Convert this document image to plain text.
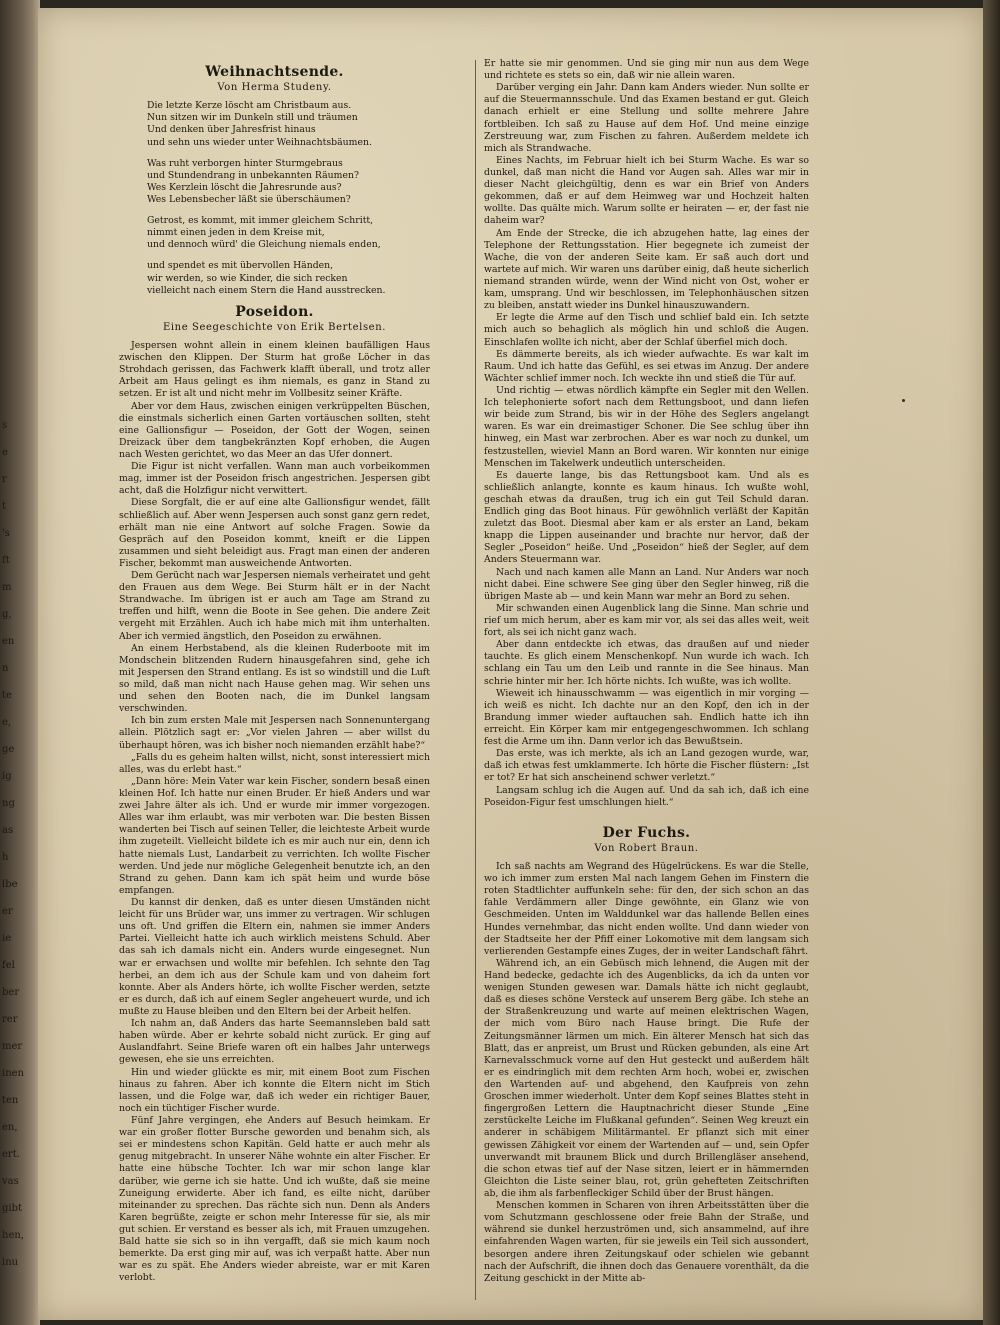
s
e
r
t
's
ft
m
g,
en
n
te
e,
ge
ig
ng
as
h
lbe
er
ie
fel
ber
rer
mer
inen
ten
en,
ert.
vas
gibt
hen,
inu
Weihnachtsende.
Von Herma Studeny.
Die letzte Kerze löscht am Christbaum aus.
Nun sitzen wir im Dunkeln still und träumen
Und denken über Jahresfrist hinaus
und sehn uns wieder unter Weihnachtsbäumen.
Was ruht verborgen hinter Sturmgebraus
und Stundendrang in unbekannten Räumen?
Wes Kerzlein löscht die Jahresrunde aus?
Wes Lebensbecher läßt sie überschäumen?
Getrost, es kommt, mit immer gleichem Schritt,
nimmt einen jeden in dem Kreise mit,
und dennoch würd' die Gleichung niemals enden,
und spendet es mit übervollen Händen,
wir werden, so wie Kinder, die sich recken
vielleicht nach einem Stern die Hand ausstrecken.
Poseidon.
Eine Seegeschichte von Erik Bertelsen.

Jespersen wohnt allein in einem kleinen baufälligen Haus zwischen den Klippen. Der Sturm hat große Löcher in das Strohdach gerissen, das Fachwerk klafft überall, und trotz aller Arbeit am Haus gelingt es ihm niemals, es ganz in Stand zu setzen. Er ist alt und nicht mehr im Vollbesitz seiner Kräfte.

Aber vor dem Haus, zwischen einigen verkrüppelten Büschen, die einstmals sicherlich einen Garten vortäuschen sollten, steht eine Gallionsfigur — Poseidon, der Gott der Wogen, seinen Dreizack über dem tangbekränzten Kopf erhoben, die Augen nach Westen gerichtet, wo das Meer an das Ufer donnert.

Die Figur ist nicht verfallen. Wann man auch vorbeikommen mag, immer ist der Poseidon frisch angestrichen. Jespersen gibt acht, daß die Holzfigur nicht verwittert.

Diese Sorgfalt, die er auf eine alte Gallionsfigur wendet, fällt schließlich auf. Aber wenn Jespersen auch sonst ganz gern redet, erhält man nie eine Antwort auf solche Fragen. Sowie da Gespräch auf den Poseidon kommt, kneift er die Lippen zusammen und sieht beleidigt aus. Fragt man einen der anderen Fischer, bekommt man ausweichende Antworten.

Dem Gerücht nach war Jespersen niemals verheiratet und geht den Frauen aus dem Wege. Bei Sturm hält er in der Nacht Strandwache. Im übrigen ist er auch am Tage am Strand zu treffen und hilft, wenn die Boote in See gehen. Die andere Zeit vergeht mit Erzählen. Auch ich habe mich mit ihm unterhalten. Aber ich vermied ängstlich, den Poseidon zu erwähnen.

An einem Herbstabend, als die kleinen Ruderboote mit im Mondschein blitzenden Rudern hinausgefahren sind, gehe ich mit Jespersen den Strand entlang. Es ist so windstill und die Luft so mild, daß man nicht nach Hause gehen mag. Wir sehen uns und sehen den Booten nach, die im Dunkel langsam verschwinden.

Ich bin zum ersten Male mit Jespersen nach Sonnenuntergang allein. Plötzlich sagt er: „Vor vielen Jahren — aber willst du überhaupt hören, was ich bisher noch niemanden erzählt habe?“

„Falls du es geheim halten willst, nicht, sonst interessiert mich alles, was du erlebt hast.“

„Dann höre: Mein Vater war kein Fischer, sondern besaß einen kleinen Hof. Ich hatte nur einen Bruder. Er hieß Anders und war zwei Jahre älter als ich. Und er wurde mir immer vorgezogen. Alles war ihm erlaubt, was mir verboten war. Die besten Bissen wanderten bei Tisch auf seinen Teller, die leichteste Arbeit wurde ihm zugeteilt. Vielleicht bildete ich es mir auch nur ein, denn ich hatte niemals Lust, Landarbeit zu verrichten. Ich wollte Fischer werden. Und jede nur mögliche Gelegenheit benutzte ich, an den Strand zu gehen. Dann kam ich spät heim und wurde böse empfangen.

Du kannst dir denken, daß es unter diesen Umständen nicht leicht für uns Brüder war, uns immer zu vertragen. Wir schlugen uns oft. Und griffen die Eltern ein, nahmen sie immer Anders Partei. Vielleicht hatte ich auch wirklich meistens Schuld. Aber das sah ich damals nicht ein. Anders wurde eingesegnet. Nun war er erwachsen und wollte mir befehlen. Ich sehnte den Tag herbei, an dem ich aus der Schule kam und von daheim fort konnte. Aber als Anders hörte, ich wollte Fischer werden, setzte er es durch, daß ich auf einem Segler angeheuert wurde, und ich mußte zu Hause bleiben und den Eltern bei der Arbeit helfen.

Ich nahm an, daß Anders das harte Seemannsleben bald satt haben würde. Aber er kehrte sobald nicht zurück. Er ging auf Auslandfahrt. Seine Briefe waren oft ein halbes Jahr unterwegs gewesen, ehe sie uns erreichten.

Hin und wieder glückte es mir, mit einem Boot zum Fischen hinaus zu fahren. Aber ich konnte die Eltern nicht im Stich lassen, und die Folge war, daß ich weder ein richtiger Bauer, noch ein tüchtiger Fischer wurde.

Fünf Jahre vergingen, ehe Anders auf Besuch heimkam. Er war ein großer flotter Bursche geworden und benahm sich, als sei er mindestens schon Kapitän. Geld hatte er auch mehr als genug mitgebracht. In unserer Nähe wohnte ein alter Fischer. Er hatte eine hübsche Tochter. Ich war mir schon lange klar darüber, wie gerne ich sie hatte. Und ich wußte, daß sie meine Zuneigung erwiderte. Aber ich fand, es eilte nicht, darüber miteinander zu sprechen. Das rächte sich nun. Denn als Anders Karen begrüßte, zeigte er schon mehr Interesse für sie, als mir gut schien. Er verstand es besser als ich, mit Frauen umzugehen. Bald hatte sie sich so in ihn vergafft, daß sie mich kaum noch bemerkte. Da erst ging mir auf, was ich verpaßt hatte. Aber nun war es zu spät. Ehe Anders wieder abreiste, war er mit Karen verlobt.

Er hatte sie mir genommen. Und sie ging mir nun aus dem Wege und richtete es stets so ein, daß wir nie allein waren.

Darüber verging ein Jahr. Dann kam Anders wieder. Nun sollte er auf die Steuermannsschule. Und das Examen bestand er gut. Gleich danach erhielt er eine Stellung und sollte mehrere Jahre fortbleiben. Ich saß zu Hause auf dem Hof. Und meine einzige Zerstreuung war, zum Fischen zu fahren. Außerdem meldete ich mich als Strandwache.

Eines Nachts, im Februar hielt ich bei Sturm Wache. Es war so dunkel, daß man nicht die Hand vor Augen sah. Alles war mir in dieser Nacht gleichgültig, denn es war ein Brief von Anders gekommen, daß er auf dem Heimweg war und Hochzeit halten wollte. Das quälte mich. Warum sollte er heiraten — er, der fast nie daheim war?

Am Ende der Strecke, die ich abzugehen hatte, lag eines der Telephone der Rettungsstation. Hier begegnete ich zumeist der Wache, die von der anderen Seite kam. Er saß auch dort und wartete auf mich. Wir waren uns darüber einig, daß heute sicherlich niemand stranden würde, wenn der Wind nicht von Ost, woher er kam, umsprang. Und wir beschlossen, im Telephonhäuschen sitzen zu bleiben, anstatt wieder ins Dunkel hinauszuwandern.

Er legte die Arme auf den Tisch und schlief bald ein. Ich setzte mich auch so behaglich als möglich hin und schloß die Augen. Einschlafen wollte ich nicht, aber der Schlaf überfiel mich doch.

Es dämmerte bereits, als ich wieder aufwachte. Es war kalt im Raum. Und ich hatte das Gefühl, es sei etwas im Anzug. Der andere Wächter schlief immer noch. Ich weckte ihn und stieß die Tür auf.

Und richtig — etwas nördlich kämpfte ein Segler mit den Wellen. Ich telephonierte sofort nach dem Rettungsboot, und dann liefen wir beide zum Strand, bis wir in der Höhe des Seglers angelangt waren. Es war ein dreimastiger Schoner. Die See schlug über ihn hinweg, ein Mast war zerbrochen. Aber es war noch zu dunkel, um festzustellen, wieviel Mann an Bord waren. Wir konnten nur einige Menschen im Takelwerk undeutlich unterscheiden.

Es dauerte lange, bis das Rettungsboot kam. Und als es schließlich anlangte, konnte es kaum hinaus. Ich wußte wohl, geschah etwas da draußen, trug ich ein gut Teil Schuld daran. Endlich ging das Boot hinaus. Für gewöhnlich verläßt der Kapitän zuletzt das Boot. Diesmal aber kam er als erster an Land, bekam knapp die Lippen auseinander und brachte nur hervor, daß der Segler „Poseidon“ heiße. Und „Poseidon“ hieß der Segler, auf dem Anders Steuermann war.

Nach und nach kamen alle Mann an Land. Nur Anders war noch nicht dabei. Eine schwere See ging über den Segler hinweg, riß die übrigen Maste ab — und kein Mann war mehr an Bord zu sehen.

Mir schwanden einen Augenblick lang die Sinne. Man schrie und rief um mich herum, aber es kam mir vor, als sei das alles weit, weit fort, als sei ich nicht ganz wach.

Aber dann entdeckte ich etwas, das draußen auf und nieder tauchte. Es glich einem Menschenkopf. Nun wurde ich wach. Ich schlang ein Tau um den Leib und rannte in die See hinaus. Man schrie hinter mir her. Ich hörte nichts. Ich wußte, was ich wollte.

Wieweit ich hinausschwamm — was eigentlich in mir vorging — ich weiß es nicht. Ich dachte nur an den Kopf, den ich in der Brandung immer wieder auftauchen sah. Endlich hatte ich ihn erreicht. Ein Körper kam mir entgegengeschwommen. Ich schlang fest die Arme um ihn. Dann verlor ich das Bewußtsein.

Das erste, was ich merkte, als ich an Land gezogen wurde, war, daß ich etwas fest umklammerte. Ich hörte die Fischer flüstern: „Ist er tot? Er hat sich anscheinend schwer verletzt.“

Langsam schlug ich die Augen auf. Und da sah ich, daß ich eine Poseidon-Figur fest umschlungen hielt.“

Der Fuchs.
Von Robert Braun.

Ich saß nachts am Wegrand des Hügelrückens. Es war die Stelle, wo ich immer zum ersten Mal nach langem Gehen im Finstern die roten Stadtlichter auffunkeln sehe: für den, der sich schon an das fahle Verdämmern aller Dinge gewöhnte, ein Glanz wie von Geschmeiden. Unten im Walddunkel war das hallende Bellen eines Hundes vernehmbar, das nicht enden wollte. Und dann wieder von der Stadtseite her der Pfiff einer Lokomotive mit dem langsam sich verlierenden Gestampfe eines Zuges, der in weiter Landschaft fährt.

Während ich, an ein Gebüsch mich lehnend, die Augen mit der Hand bedecke, gedachte ich des Augenblicks, da ich da unten vor wenigen Stunden gewesen war. Damals hätte ich nicht geglaubt, daß es dieses schöne Versteck auf unserem Berg gäbe. Ich stehe an der Straßenkreuzung und warte auf meinen elektrischen Wagen, der mich vom Büro nach Hause bringt. Die Rufe der Zeitungsmänner lärmen um mich. Ein älterer Mensch hat sich das Blatt, das er anpreist, um Brust und Rücken gebunden, als eine Art Karnevalsschmuck vorne auf den Hut gesteckt und außerdem hält er es eindringlich mit dem rechten Arm hoch, wobei er, zwischen den Wartenden auf- und abgehend, den Kaufpreis von zehn Groschen immer wiederholt. Unter dem Kopf seines Blattes steht in fingergroßen Lettern die Hauptnachricht dieser Stunde „Eine zerstückelte Leiche im Flußkanal gefunden“. Seinen Weg kreuzt ein anderer in schäbigem Militärmantel. Er pflanzt sich mit einer gewissen Zähigkeit vor einem der Wartenden auf — und, sein Opfer unverwandt mit braunem Blick und durch Brillengläser ansehend, die schon etwas tief auf der Nase sitzen, leiert er in hämmernden Gleichton die Liste seiner blau, rot, grün gehefteten Zeitschriften ab, die ihm als farbenfleckiger Schild über der Brust hängen.

Menschen kommen in Scharen von ihren Arbeitsstätten über die vom Schutzmann geschlossene oder freie Bahn der Straße, und während sie dunkel herzuströmen und, sich ansammelnd, auf ihre einfahrenden Wagen warten, für sie jeweils ein Teil sich aussondert, besorgen andere ihren Zeitungskauf oder schielen wie gebannt nach der Aufschrift, die ihnen doch das Genauere vorenthält, da die Zeitung geschickt in der Mitte ab-
